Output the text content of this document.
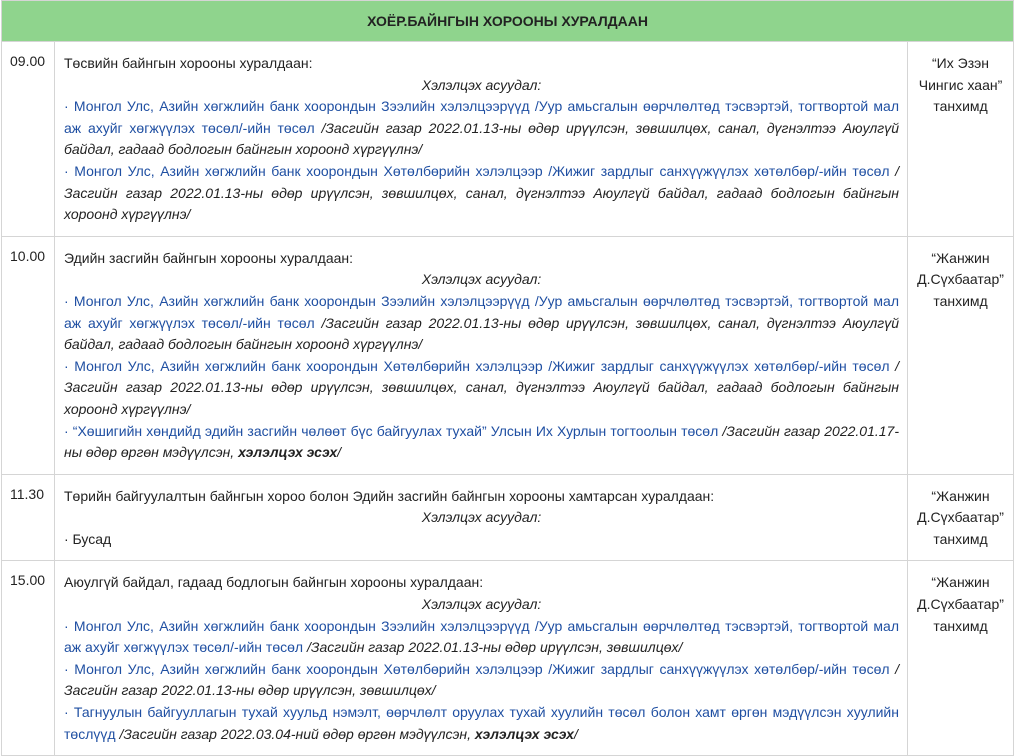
ХОЁР.БАЙНГЫН ХОРООНЫ ХУРАЛДААН		
09.00	Төсвийн байнгын хорооны хуралдаан:
Хэлэлцэх асуудал:
· Монгол Улс, Азийн хөгжлийн банк хоорондын Зээлийн хэлэлцээрүүд /Уур амьсгалын өөрчлөлтөд тэсвэртэй, тогтвортой мал аж ахуйг хөгжүүлэх төсөл/-ийн төсөл /Засгийн газар 2022.01.13-ны өдөр ирүүлсэн, зөвшилцөх, санал, дүгнэлтээ Аюулгүй байдал, гадаад бодлогын байнгын хороонд хүргүүлнэ/
· Монгол Улс, Азийн хөгжлийн банк хоорондын Хөтөлбөрийн хэлэлцээр /Жижиг зардлыг санхүүжүүлэх хөтөлбөр/-ийн төсөл /Засгийн газар 2022.01.13-ны өдөр ирүүлсэн, зөвшилцөх, санал, дүгнэлтээ Аюулгүй байдал, гадаад бодлогын байнгын хороонд хүргүүлнэ/	“Их Эзэн Чингис хаан” танхимд
10.00	Эдийн засгийн байнгын хорооны хуралдаан:
Хэлэлцэх асуудал:
· Монгол Улс, Азийн хөгжлийн банк хоорондын Зээлийн хэлэлцээрүүд /Уур амьсгалын өөрчлөлтөд тэсвэртэй, тогтвортой мал аж ахуйг хөгжүүлэх төсөл/-ийн төсөл /Засгийн газар 2022.01.13-ны өдөр ирүүлсэн, зөвшилцөх, санал, дүгнэлтээ Аюулгүй байдал, гадаад бодлогын байнгын хороонд хүргүүлнэ/
· Монгол Улс, Азийн хөгжлийн банк хоорондын Хөтөлбөрийн хэлэлцээр /Жижиг зардлыг санхүүжүүлэх хөтөлбөр/-ийн төсөл /Засгийн газар 2022.01.13-ны өдөр ирүүлсэн, зөвшилцөх, санал, дүгнэлтээ Аюулгүй байдал, гадаад бодлогын байнгын хороонд хүргүүлнэ/
· “Хөшигийн хөндийд эдийн засгийн чөлөөт бүс байгуулах тухай” Улсын Их Хурлын тогтоолын төсөл /Засгийн газар 2022.01.17-ны өдөр өргөн мэдүүлсэн, хэлэлцэх эсэх/	“Жанжин Д.Сүхбаатар” танхимд
11.30	Төрийн байгуулалтын байнгын хороо болон Эдийн засгийн байнгын хорооны хамтарсан хуралдаан:
Хэлэлцэх асуудал:
· Бусад	“Жанжин Д.Сүхбаатар” танхимд
15.00	Аюулгүй байдал, гадаад бодлогын байнгын хорооны хуралдаан:
Хэлэлцэх асуудал:
· Монгол Улс, Азийн хөгжлийн банк хоорондын Зээлийн хэлэлцээрүүд /Уур амьсгалын өөрчлөлтөд тэсвэртэй, тогтвортой мал аж ахуйг хөгжүүлэх төсөл/-ийн төсөл /Засгийн газар 2022.01.13-ны өдөр ирүүлсэн, зөвшилцөх/
· Монгол Улс, Азийн хөгжлийн банк хоорондын Хөтөлбөрийн хэлэлцээр /Жижиг зардлыг санхүүжүүлэх хөтөлбөр/-ийн төсөл /Засгийн газар 2022.01.13-ны өдөр ирүүлсэн, зөвшилцөх/
· Тагнуулын байгууллагын тухай хуульд нэмэлт, өөрчлөлт оруулах тухай хуулийн төсөл болон хамт өргөн мэдүүлсэн хуулийн төслүүд /Засгийн газар 2022.03.04-ний өдөр өргөн мэдүүлсэн, хэлэлцэх эсэх/	“Жанжин Д.Сүхбаатар” танхимд
